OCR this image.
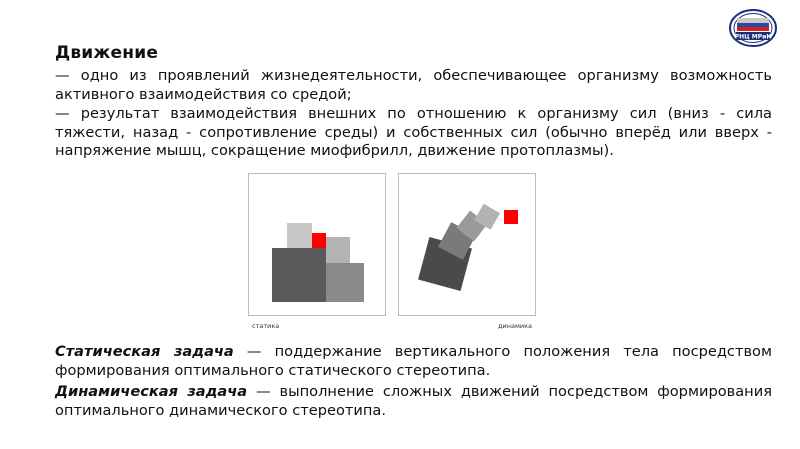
РНЦ МРиК
Движение
— одно из проявлений жизнедеятельности, обеспечивающее организму возможность активного взаимодействия со средой;
— результат взаимодействия внешних по отношению к организму сил (вниз - сила тяжести, назад - сопротивление среды) и собственных сил (обычно вперёд или вверх - напряжение мышц, сокращение миофибрилл, движение протоплазмы).
статика	динамика
Статическая задача — поддержание вертикального положения тела посредством формирования оптимального статического стереотипа.
Динамическая задача — выполнение сложных движений посредством формирования оптимального динамического стереотипа.
